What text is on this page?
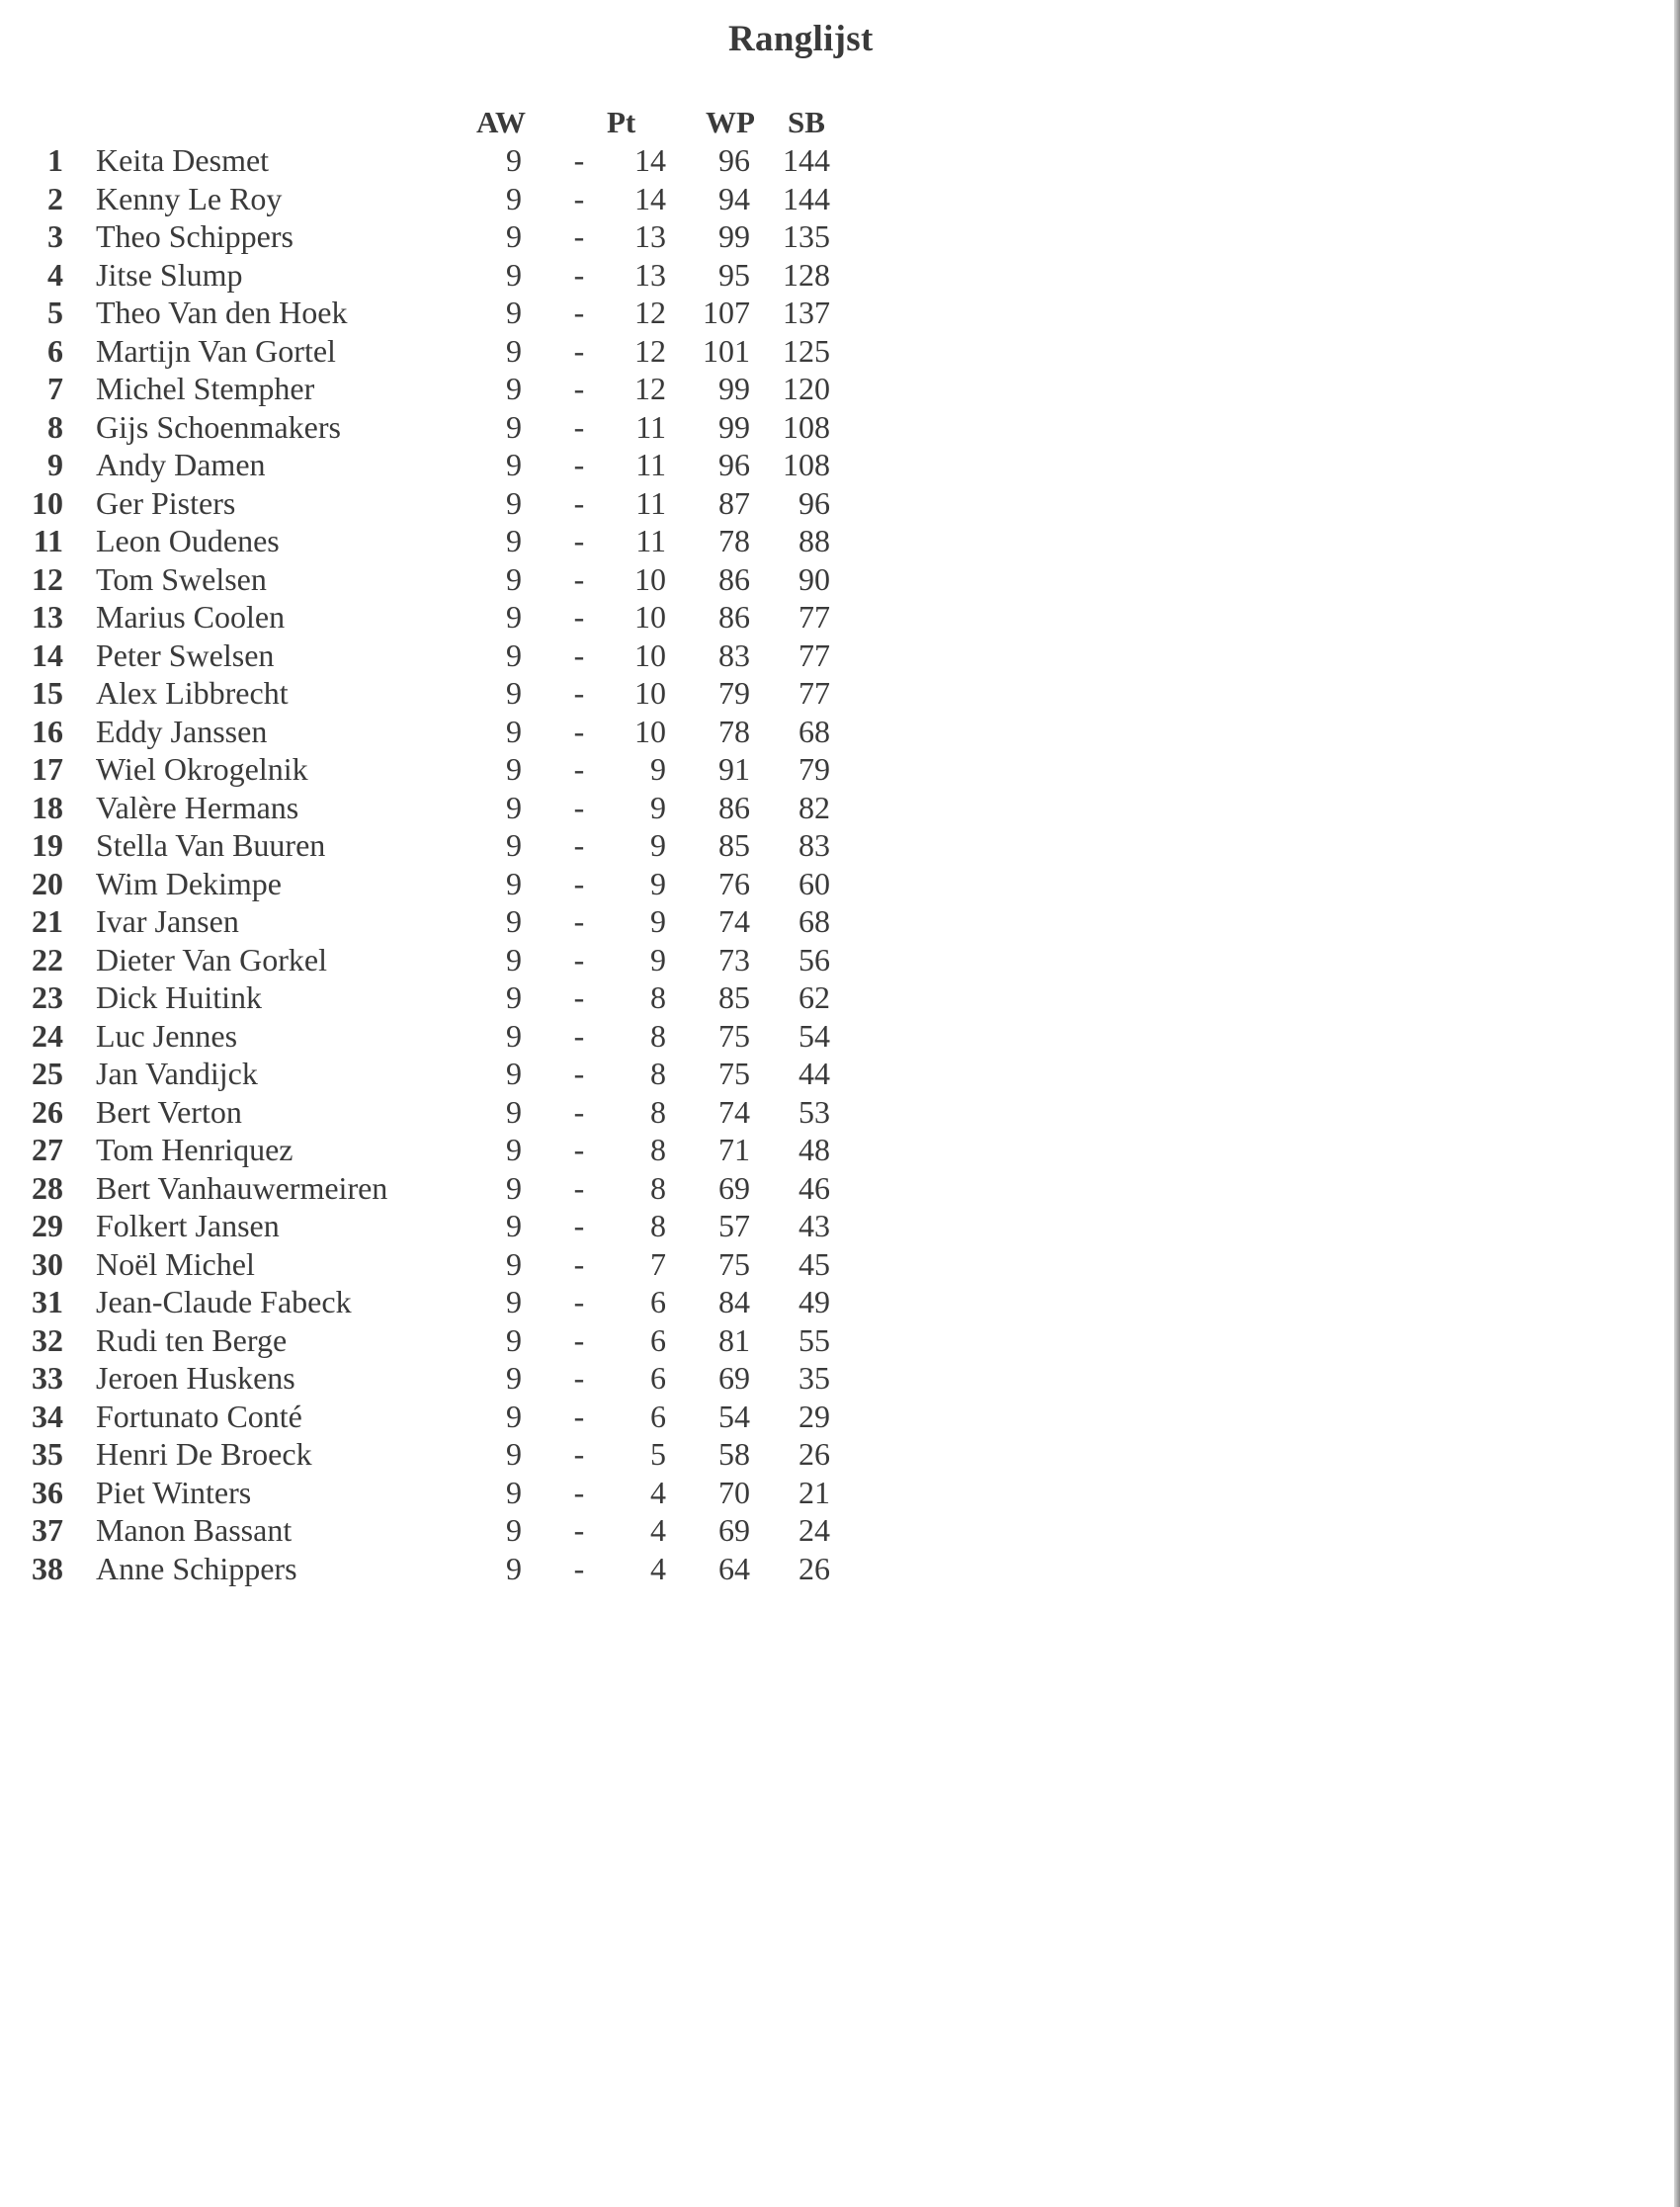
Ranglijst
AW	Pt WP SB
1 Keita Desmet	9	-	14	96	144
2 Kenny Le Roy	9	-	14	94	144
3 Theo Schippers	9	-	13	99	135
4 Jitse Slump	9	-	13	95	128
5 Theo Van den Hoek	9	-	12	107	137
6 Martijn Van Gortel	9	-	12	101	125
7 Michel Stempher	9	-	12	99	120
8 Gijs Schoenmakers	9	-	11	99	108
9 Andy Damen	9	-	11	96	108
10 Ger Pisters	9	-	11	87	96
11 Leon Oudenes	9	-	11	78	88
12 Tom Swelsen	9	-	10	86	90
13 Marius Coolen	9	-	10	86	77
14 Peter Swelsen	9	-	10	83	77
15 Alex Libbrecht	9	-	10	79	77
16 Eddy Janssen	9	-	10	78	68
17 Wiel Okrogelnik	9	-	9	91	79
18 Valère Hermans	9	-	9	86	82
19 Stella Van Buuren	9	-	9	85	83
20 Wim Dekimpe	9	-	9	76	60
21 Ivar Jansen	9	-	9	74	68
22 Dieter Van Gorkel	9	-	9	73	56
23 Dick Huitink	9	-	8	85	62
24 Luc Jennes	9	-	8	75	54
25 Jan Vandijck	9	-	8	75	44
26 Bert Verton	9	-	8	74	53
27 Tom Henriquez	9	-	8	71	48
28 Bert Vanhauwermeiren	9	-	8	69	46
29 Folkert Jansen	9	-	8	57	43
30 Noël Michel	9	-	7	75	45
31 Jean-Claude Fabeck	9	-	6	84	49
32 Rudi ten Berge	9	-	6	81	55
33 Jeroen Huskens	9	-	6	69	35
34 Fortunato Conté	9	-	6	54	29
35 Henri De Broeck	9	-	5	58	26
36 Piet Winters	9	-	4	70	21
37 Manon Bassant	9	-	4	69	24
38 Anne Schippers	9	-	4	64	26
